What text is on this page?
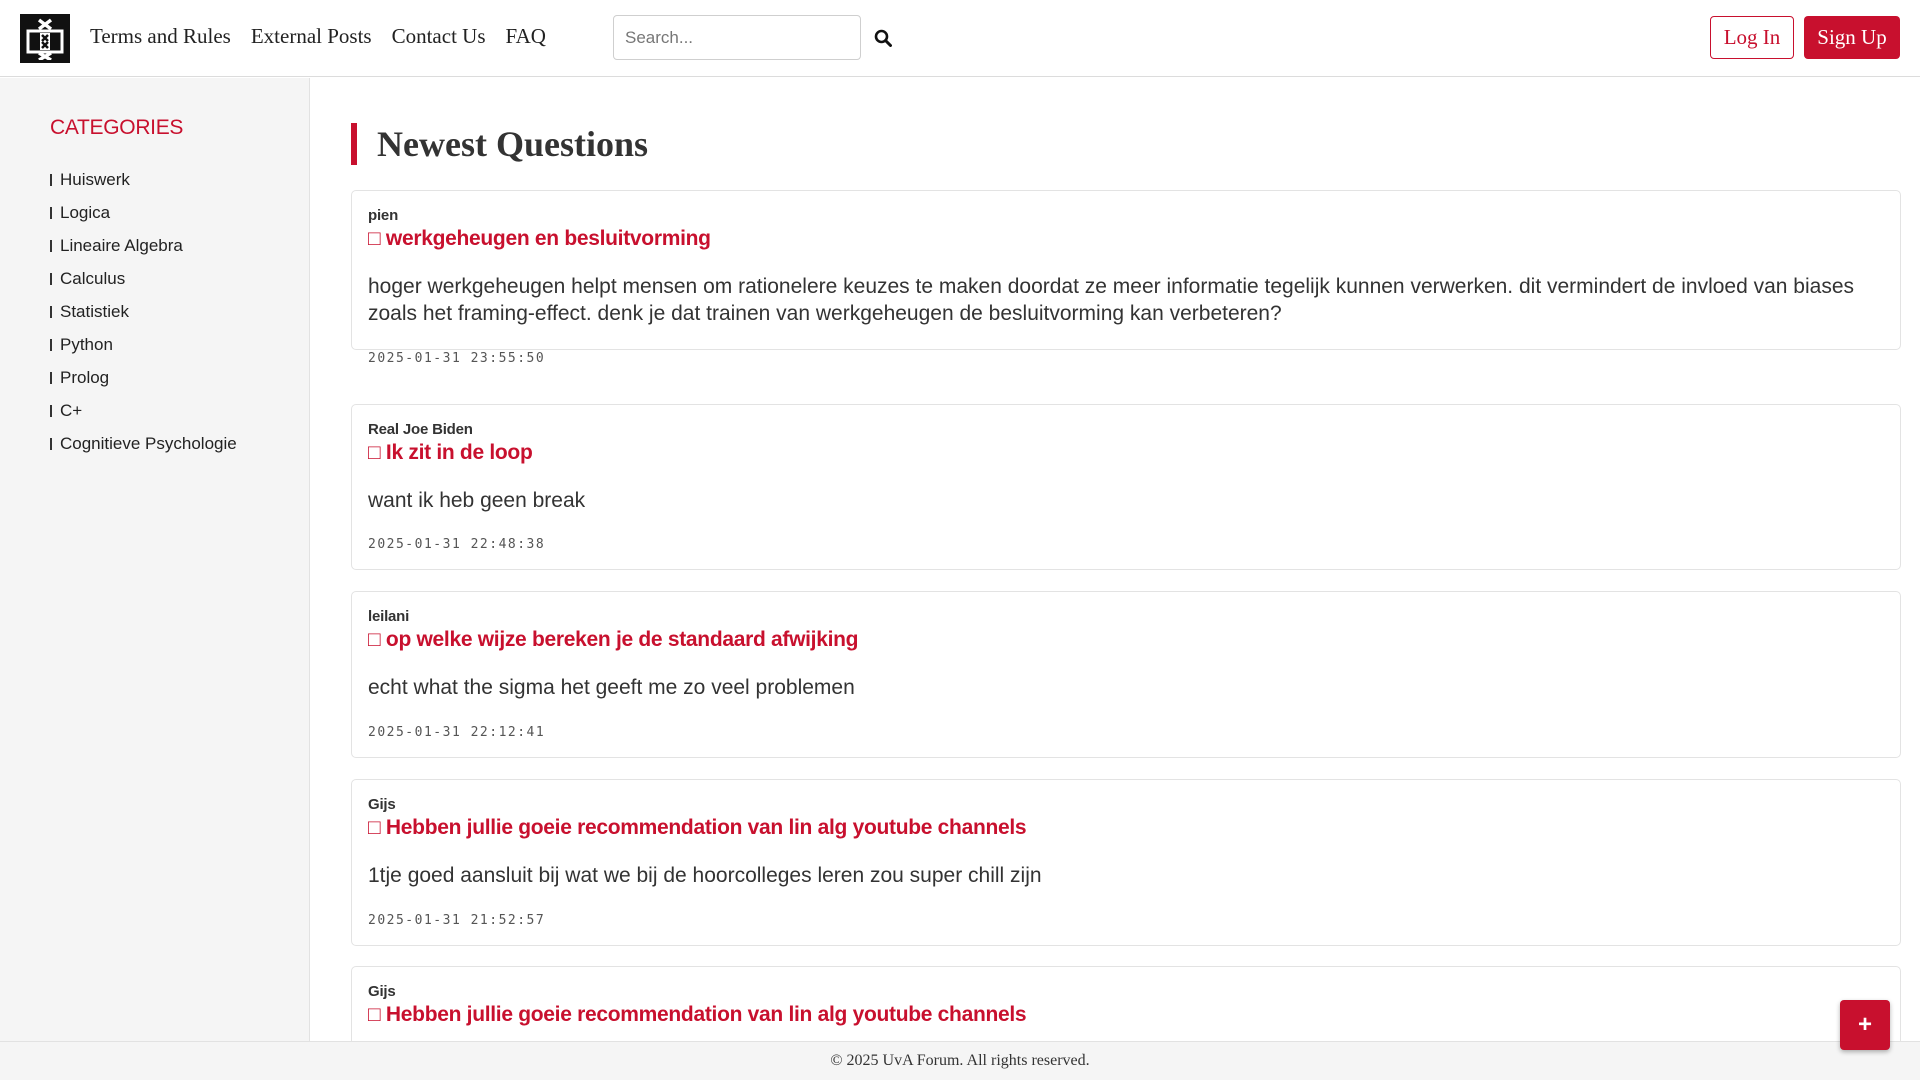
Terms and Rules External Posts Contact Us FAQ
Search...	Log In	Sign Up
CATEGORIES
Huiswerk
Logica
Lineaire Algebra
Calculus
Statistiek
Python
Prolog
C+
Cognitieve Psychologie
Newest Questions
pien
□ werkgeheugen en besluitvorming
hoger werkgeheugen helpt mensen om rationelere keuzes te maken doordat ze meer informatie tegelijk kunnen verwerken. dit vermindert de invloed van biases zoals het framing-effect. denk je dat trainen van werkgeheugen de besluitvorming kan verbeteren?
2025-01-31 23:55:50
Real Joe Biden
□ Ik zit in de loop
want ik heb geen break
2025-01-31 22:48:38
leilani
□ op welke wijze bereken je de standaard afwijking
echt what the sigma het geeft me zo veel problemen
2025-01-31 22:12:41
Gijs
□ Hebben jullie goeie recommendation van lin alg youtube channels
1tje goed aansluit bij wat we bij de hoorcolleges leren zou super chill zijn
2025-01-31 21:52:57
Gijs
□ Hebben jullie goeie recommendation van lin alg youtube channels
© 2025 UvA Forum. All rights reserved.
+
